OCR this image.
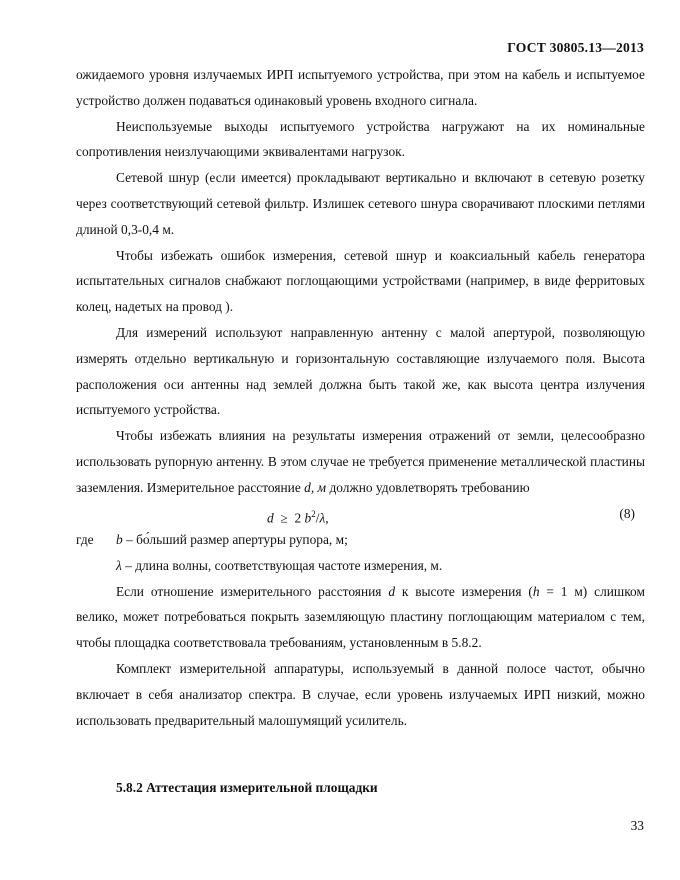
ГОСТ 30805.13—2013

ожидаемого уровня излучаемых ИРП испытуемого устройства, при этом на кабель и испытуемое устройство должен подаваться одинаковый уровень входного сигнала.

Неиспользуемые выходы испытуемого устройства нагружают на их номинальные сопротивления неизлучающими эквивалентами нагрузок.

Сетевой шнур (если имеется) прокладывают вертикально и включают в сетевую розетку через соответствующий сетевой фильтр. Излишек сетевого шнура сворачивают плоскими петлями длиной 0,3-0,4 м.

Чтобы избежать ошибок измерения, сетевой шнур и коаксиальный кабель генератора испытательных сигналов снабжают поглощающими устройствами (например, в виде ферритовых колец, надетых на провод ).

Для измерений используют направленную антенну с малой апертурой, позволяющую измерять отдельно вертикальную и горизонтальную составляющие излучаемого поля. Высота расположения оси антенны над землей должна быть такой же, как высота центра излучения испытуемого устройства.

Чтобы избежать влияния на результаты измерения отражений от земли, целесообразно использовать рупорную антенну. В этом случае не требуется применение металлической пластины заземления. Измерительное расстояние d, м должно удовлетворять требованию

d ≥ 2 $b^2/\lambda$,	(8)
где b – бо́льший размер апертуры рупора, м;
λ – длина волны, соответствующая частоте измерения, м.

Если отношение измерительного расстояния d к высоте измерения (h = 1 м) слишком велико, может потребоваться покрыть заземляющую пластину поглощающим материалом с тем, чтобы площадка соответствовала требованиям, установленным в 5.8.2.

Комплект измерительной аппаратуры, используемый в данной полосе частот, обычно включает в себя анализатор спектра. В случае, если уровень излучаемых ИРП низкий, можно использовать предварительный малошумящий усилитель.

5.8.2 Аттестация измерительной площадки
33
